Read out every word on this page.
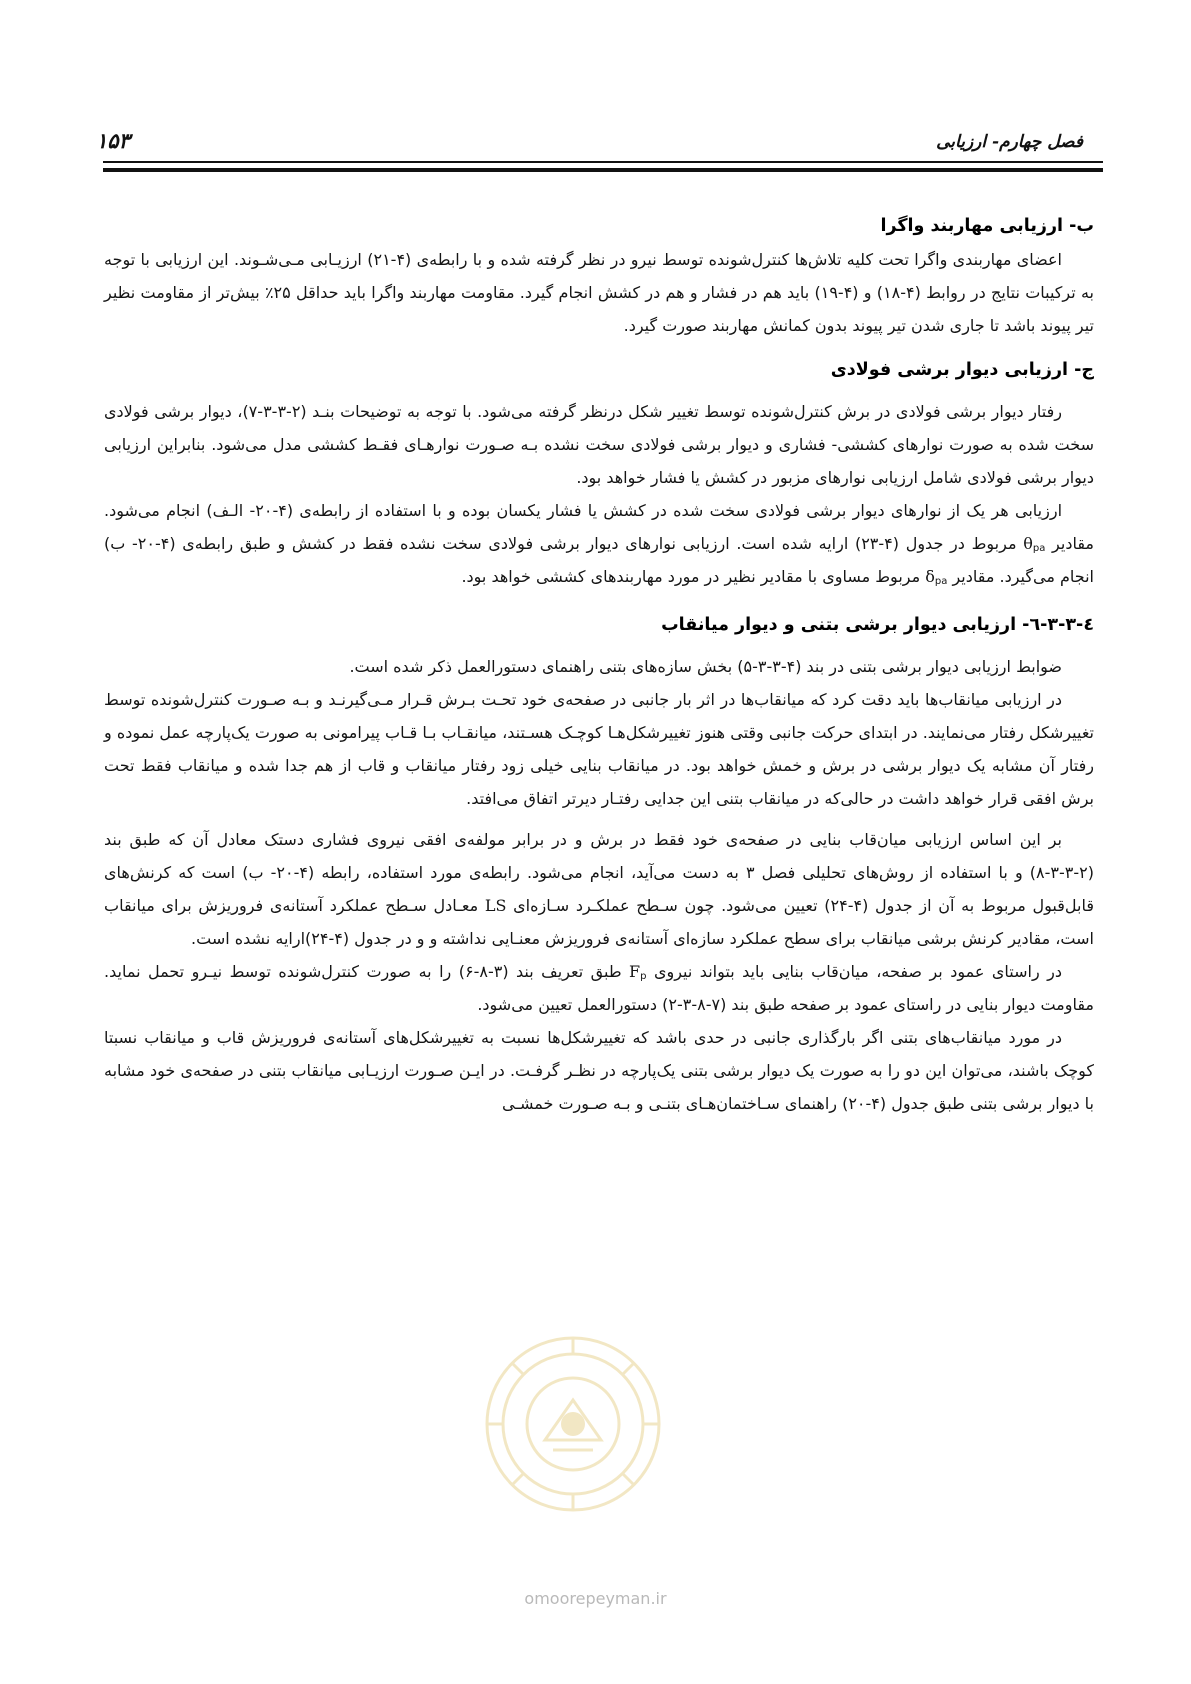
فصل چهارم- ارزیابی
۱۵۳
ب- ارزیابی مهاربند واگرا

اعضای مهاربندی واگرا تحت کلیه تلاش‌ها کنترل‌شونده توسط نیرو در نظر گرفته شده و با رابطه‌ی (۴-۲۱) ارزیـابی مـی‌شـوند. این ارزیابی با توجه به ترکیبات نتایج در روابط (۴-۱۸) و (۴-۱۹) باید هم در فشار و هم در کشش انجام گیرد. مقاومت مهاربند واگرا باید حداقل ۲۵٪ بیش‌تر از مقاومت نظیر تیر پیوند باشد تا جاری شدن تیر پیوند بدون کمانش مهاربند صورت گیرد.

ج- ارزیابی دیوار برشی فولادی

رفتار دیوار برشی فولادی در برش کنترل‌شونده توسط تغییر شکل درنظر گرفته می‌شود. با توجه به توضیحات بنـد (۲-۳-۳-۷)، دیوار برشی فولادی سخت شده به صورت نوارهای کششی- فشاری و دیوار برشی فولادی سخت نشده بـه صـورت نوارهـای فقـط کششی مدل می‌شود. بنابراین ارزیابی دیوار برشی فولادی شامل ارزیابی نوارهای مزبور در کشش یا فشار خواهد بود.

ارزیابی هر یک از نوارهای دیوار برشی فولادی سخت شده در کشش یا فشار یکسان بوده و با استفاده از رابطه‌ی (۴-۲۰- الـف) انجام می‌شود. مقادیر $\theta_{pa}$ مربوط در جدول (۴-۲۳) ارایه شده است. ارزیابی نوارهای دیوار برشی فولادی سخت نشده فقط در کشش و طبق رابطه‌ی (۴-۲۰- ب) انجام می‌گیرد. مقادیر $\delta_{pa}$ مربوط مساوی با مقادیر نظیر در مورد مهاربندهای کششی خواهد بود.

٤-٣-٣-٦- ارزیابی دیوار برشی بتنی و دیوار میانقاب

ضوابط ارزیابی دیوار برشی بتنی در بند (۴-۳-۳-۵) بخش سازه‌های بتنی راهنمای دستورالعمل ذکر شده است.

در ارزیابی میانقاب‌ها باید دقت کرد که میانقاب‌ها در اثر بار جانبی در صفحه‌ی خود تحـت بـرش قـرار مـی‌گیرنـد و بـه صـورت کنترل‌شونده توسط تغییرشکل رفتار می‌نمایند. در ابتدای حرکت جانبی وقتی هنوز تغییرشکل‌هـا کوچـک هسـتند، میانقـاب بـا قـاب پیرامونی به صورت یک‌پارچه عمل نموده و رفتار آن مشابه یک دیوار برشی در برش و خمش خواهد بود. در میانقاب بنایی خیلی زود رفتار میانقاب و قاب از هم جدا شده و میانقاب فقط تحت برش افقی قرار خواهد داشت در حالی‌که در میانقاب بتنی این جدایی رفتـار دیرتر اتفاق می‌افتد.

بر این اساس ارزیابی میان‌قاب بنایی در صفحه‌ی خود فقط در برش و در برابر مولفه‌ی افقی نیروی فشاری دستک معادل آن که طبق بند (۲-۳-۳-۸) و با استفاده از روش‌های تحلیلی فصل ۳ به دست می‌آید، انجام می‌شود. رابطه‌ی مورد استفاده، رابطه (۴-۲۰- ب) است که کرنش‌های قابل‌قبول مربوط به آن از جدول (۴-۲۴) تعیین می‌شود. چون سـطح عملکـرد سـازه‌ای LS معـادل سـطح عملکرد آستانه‌ی فروریزش برای میانقاب است، مقادیر کرنش برشی میانقاب برای سطح عملکرد سازه‌ای آستانه‌ی فروریزش معنـایی نداشته و و در جدول (۴-۲۴)ارایه نشده است.

در راستای عمود بر صفحه، میان‌قاب بنایی باید بتواند نیروی $F_p$ طبق تعریف بند (۳-۸-۶) را به صورت کنترل‌شونده توسط نیـرو تحمل نماید. مقاومت دیوار بنایی در راستای عمود بر صفحه طبق بند (۷-۸-۳-۲) دستورالعمل تعیین می‌شود.

در مورد میانقاب‌های بتنی اگر بارگذاری جانبی در حدی باشد که تغییرشکل‌ها نسبت به تغییرشکل‌های آستانه‌ی فروریزش قاب و میانقاب نسبتا کوچک باشند، می‌توان این دو را به صورت یک دیوار برشی بتنی یک‌پارچه در نظـر گرفـت. در ایـن صـورت ارزیـابی میانقاب بتنی در صفحه‌ی خود مشابه با دیوار برشی بتنی طبق جدول (۴-۲۰) راهنمای سـاختمان‌هـای بتنـی و بـه صـورت خمشـی

omoorepeyman.ir
